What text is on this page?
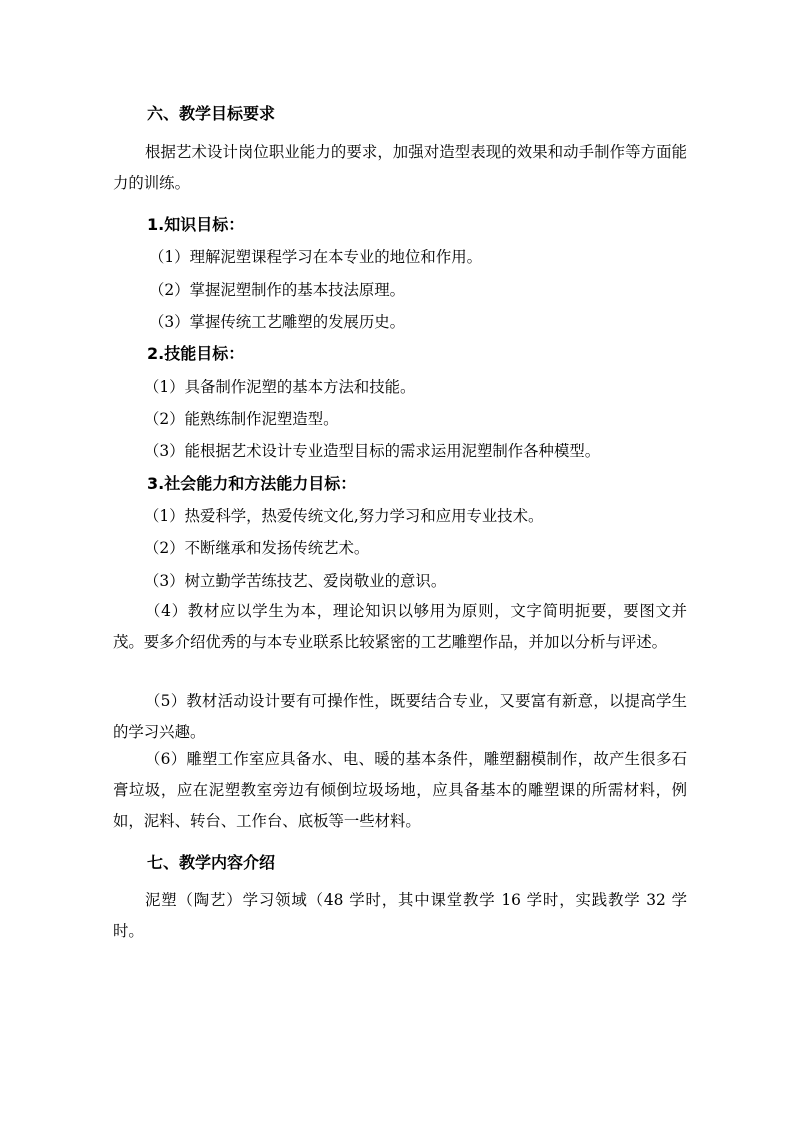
六、教学目标要求
根据艺术设计岗位职业能力的要求，加强对造型表现的效果和动手制作等方面能力的训练。
1.知识目标：
（1）理解泥塑课程学习在本专业的地位和作用。
（2）掌握泥塑制作的基本技法原理。
（3）掌握传统工艺雕塑的发展历史。
2.技能目标：
（1）具备制作泥塑的基本方法和技能。
（2）能熟练制作泥塑造型。
（3）能根据艺术设计专业造型目标的需求运用泥塑制作各种模型。
3.社会能力和方法能力目标：
（1）热爱科学，热爱传统文化,努力学习和应用专业技术。
（2）不断继承和发扬传统艺术。
（3）树立勤学苦练技艺、爱岗敬业的意识。
（4）教材应以学生为本，理论知识以够用为原则，文字简明扼要，要图文并茂。要多介绍优秀的与本专业联系比较紧密的工艺雕塑作品，并加以分析与评述。
（5）教材活动设计要有可操作性，既要结合专业，又要富有新意，以提高学生的学习兴趣。
（6）雕塑工作室应具备水、电、暖的基本条件，雕塑翻模制作，故产生很多石膏垃圾，应在泥塑教室旁边有倾倒垃圾场地，应具备基本的雕塑课的所需材料，例如，泥料、转台、工作台、底板等一些材料。
七、教学内容介绍
泥塑（陶艺）学习领域（48 学时，其中课堂教学 16 学时，实践教学 32 学时。
